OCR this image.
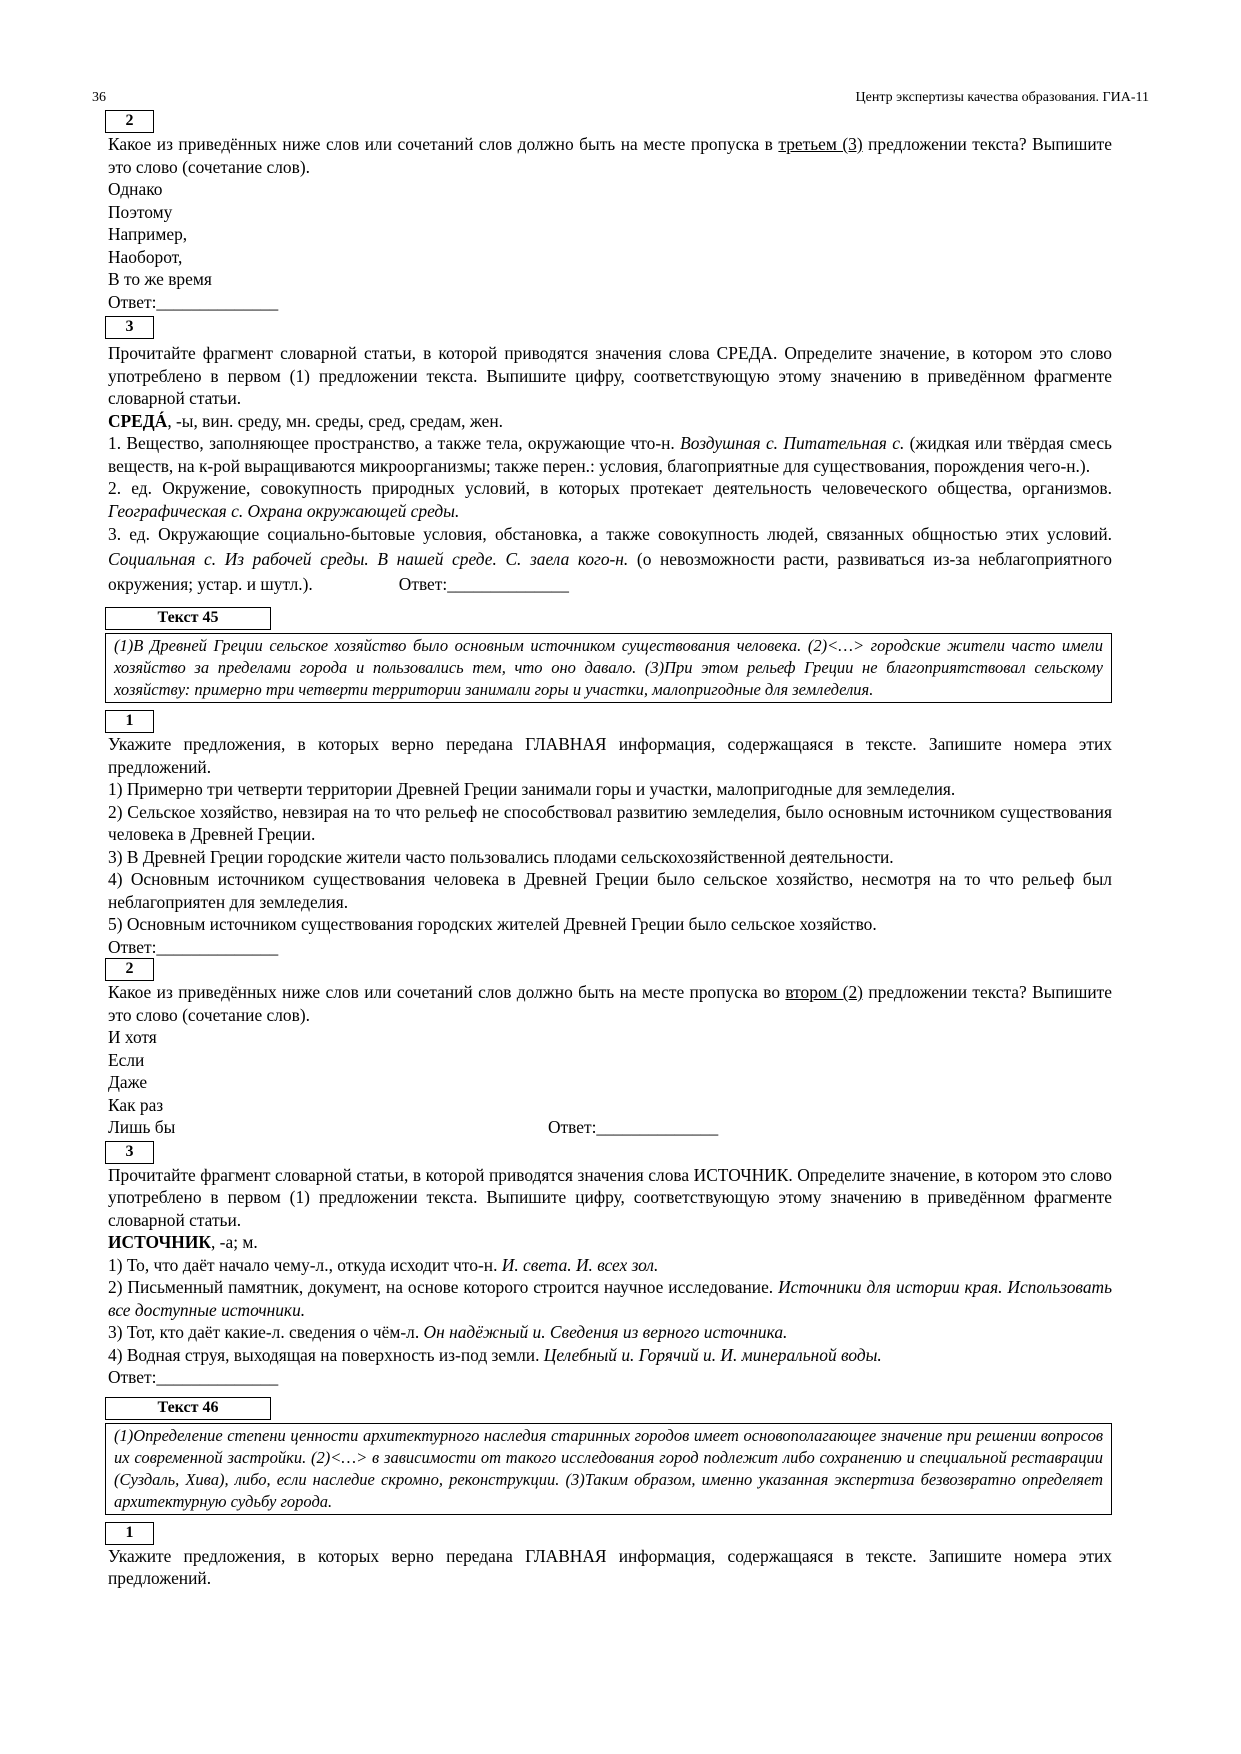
36	Центр экспертизы качества образования. ГИА-11
2

Какое из приведённых ниже слов или сочетаний слов должно быть на месте пропуска в третьем (3) предложении текста? Выпишите это слово (сочетание слов).

Однако

Поэтому

Например,

Наоборот,

В то же время

Ответ:______________

3

Прочитайте фрагмент словарной статьи, в которой приводятся значения слова СРЕДА. Определите значение, в котором это слово употреблено в первом (1) предложении текста. Выпишите цифру, соответствующую этому значению в приведённом фрагменте словарной статьи.

СРЕДÁ, -ы, вин. среду, мн. среды, сред, средам, жен.

1. Вещество, заполняющее пространство, а также тела, окружающие что-н. Воздушная с. Питательная с. (жидкая или твёрдая смесь веществ, на к-рой выращиваются микроорганизмы; также перен.: условия, благоприятные для существования, порождения чего-н.).

2. ед. Окружение, совокупность природных условий, в которых протекает деятельность человеческого общества, организмов. Географическая с. Охрана окружающей среды.

3. ед. Окружающие социально-бытовые условия, обстановка, а также совокупность людей, связанных общностью этих условий. Социальная с. Из рабочей среды. В нашей среде. С. заела кого-н. (о невозможности расти, развиваться из-за неблагоприятного окружения; устар. и шутл.).	Ответ:______________

Текст 45
(1)В Древней Греции сельское хозяйство было основным источником существования человека. (2)<…> городские жители часто имели хозяйство за пределами города и пользовались тем, что оно давало. (3)При этом рельеф Греции не благоприятствовал сельскому хозяйству: примерно три четверти территории занимали горы и участки, малопригодные для земледелия.
1

Укажите предложения, в которых верно передана ГЛАВНАЯ информация, содержащаяся в тексте. Запишите номера этих предложений.

1) Примерно три четверти территории Древней Греции занимали горы и участки, малопригодные для земледелия.

2) Сельское хозяйство, невзирая на то что рельеф не способствовал развитию земледелия, было основным источником существования человека в Древней Греции.

3) В Древней Греции городские жители часто пользовались плодами сельскохозяйственной деятельности.

4) Основным источником существования человека в Древней Греции было сельское хозяйство, несмотря на то что рельеф был неблагоприятен для земледелия.

5) Основным источником существования городских жителей Древней Греции было сельское хозяйство.

Ответ:______________

2

Какое из приведённых ниже слов или сочетаний слов должно быть на месте пропуска во втором (2) предложении текста? Выпишите это слово (сочетание слов).

И хотя

Если

Даже

Как раз

Лишь бы	Ответ:______________

3

Прочитайте фрагмент словарной статьи, в которой приводятся значения слова ИСТОЧНИК. Определите значение, в котором это слово употреблено в первом (1) предложении текста. Выпишите цифру, соответствующую этому значению в приведённом фрагменте словарной статьи.

ИСТОЧНИК, -а; м.

1) То, что даёт начало чему-л., откуда исходит что-н. И. света. И. всех зол.

2) Письменный памятник, документ, на основе которого строится научное исследование. Источники для истории края. Использовать все доступные источники.

3) Тот, кто даёт какие-л. сведения о чём-л. Он надёжный и. Сведения из верного источника.

4) Водная струя, выходящая на поверхность из-под земли. Целебный и. Горячий и. И. минеральной воды.

Ответ:______________

Текст 46
(1)Определение степени ценности архитектурного наследия старинных городов имеет основополагающее значение при решении вопросов их современной застройки. (2)<…> в зависимости от такого исследования город подлежит либо сохранению и специальной реставрации (Суздаль, Хива), либо, если наследие скромно, реконструкции. (3)Таким образом, именно указанная экспертиза безвозвратно определяет архитектурную судьбу города.
1

Укажите предложения, в которых верно передана ГЛАВНАЯ информация, содержащаяся в тексте. Запишите номера этих предложений.
